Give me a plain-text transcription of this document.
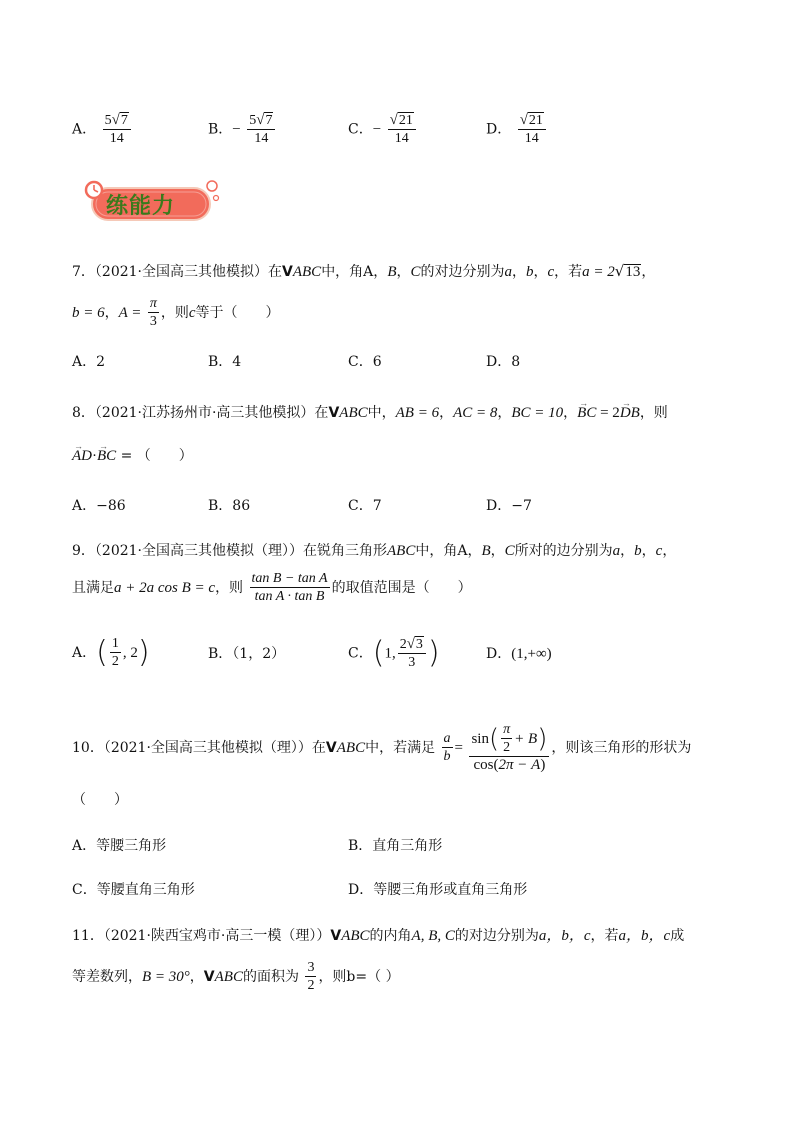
A． $\frac{5√7}{14}$	B．− $\frac{5√7}{14}$	C．− $\frac{√21}{14}$	D． $\frac{√21}{14}$
练能力
7．（2021·全国高三其他模拟）在VABC中，角A，B，C的对边分别为a，b，c，若a = 2√13，
b = 6，$A = \frac{\pi}{3}$ ，则c等于（　　）
A．2	B．4	C．6	D．8
8．（2021·江苏扬州市·高三其他模拟）在VABC中，AB = 6，AC = 8，BC = 10，→ BC = 2→ DB，则
→ AD·→ BC = （　　）
A．−86	B．86	C．7	D．−7
9．（2021·全国高三其他模拟（理））在锐角三角形ABC中，角A，B，C所对的边分别为a，b，c，
且满足a + 2a cos B = c，则 $\frac{\text{tan B − tan A}}{\text{tan A · tan B}}$ 的取值范围是（　　）
A．( $\frac{1}{2}$ , 2)	B．（1，2）	C．(1, $\frac{2√3}{3}$ )	D．(1,+∞)
10．（2021·全国高三其他模拟（理））在VABC中，若满足 $\frac{a}{b} = \frac{\sin( \frac{\pi}{2} + B)}{\cos(2\pi - A)}$ ，则该三角形的形状为
（　　）
A．等腰三角形	B．直角三角形
C．等腰直角三角形	D．等腰三角形或直角三角形
11．（2021·陕西宝鸡市·高三一模（理））VABC的内角A, B, C的对边分别为a，b，c，若a，b，c成
等差数列，B = 30°，VABC的面积为 $\frac{3}{2}$ ，则b=（ ）
